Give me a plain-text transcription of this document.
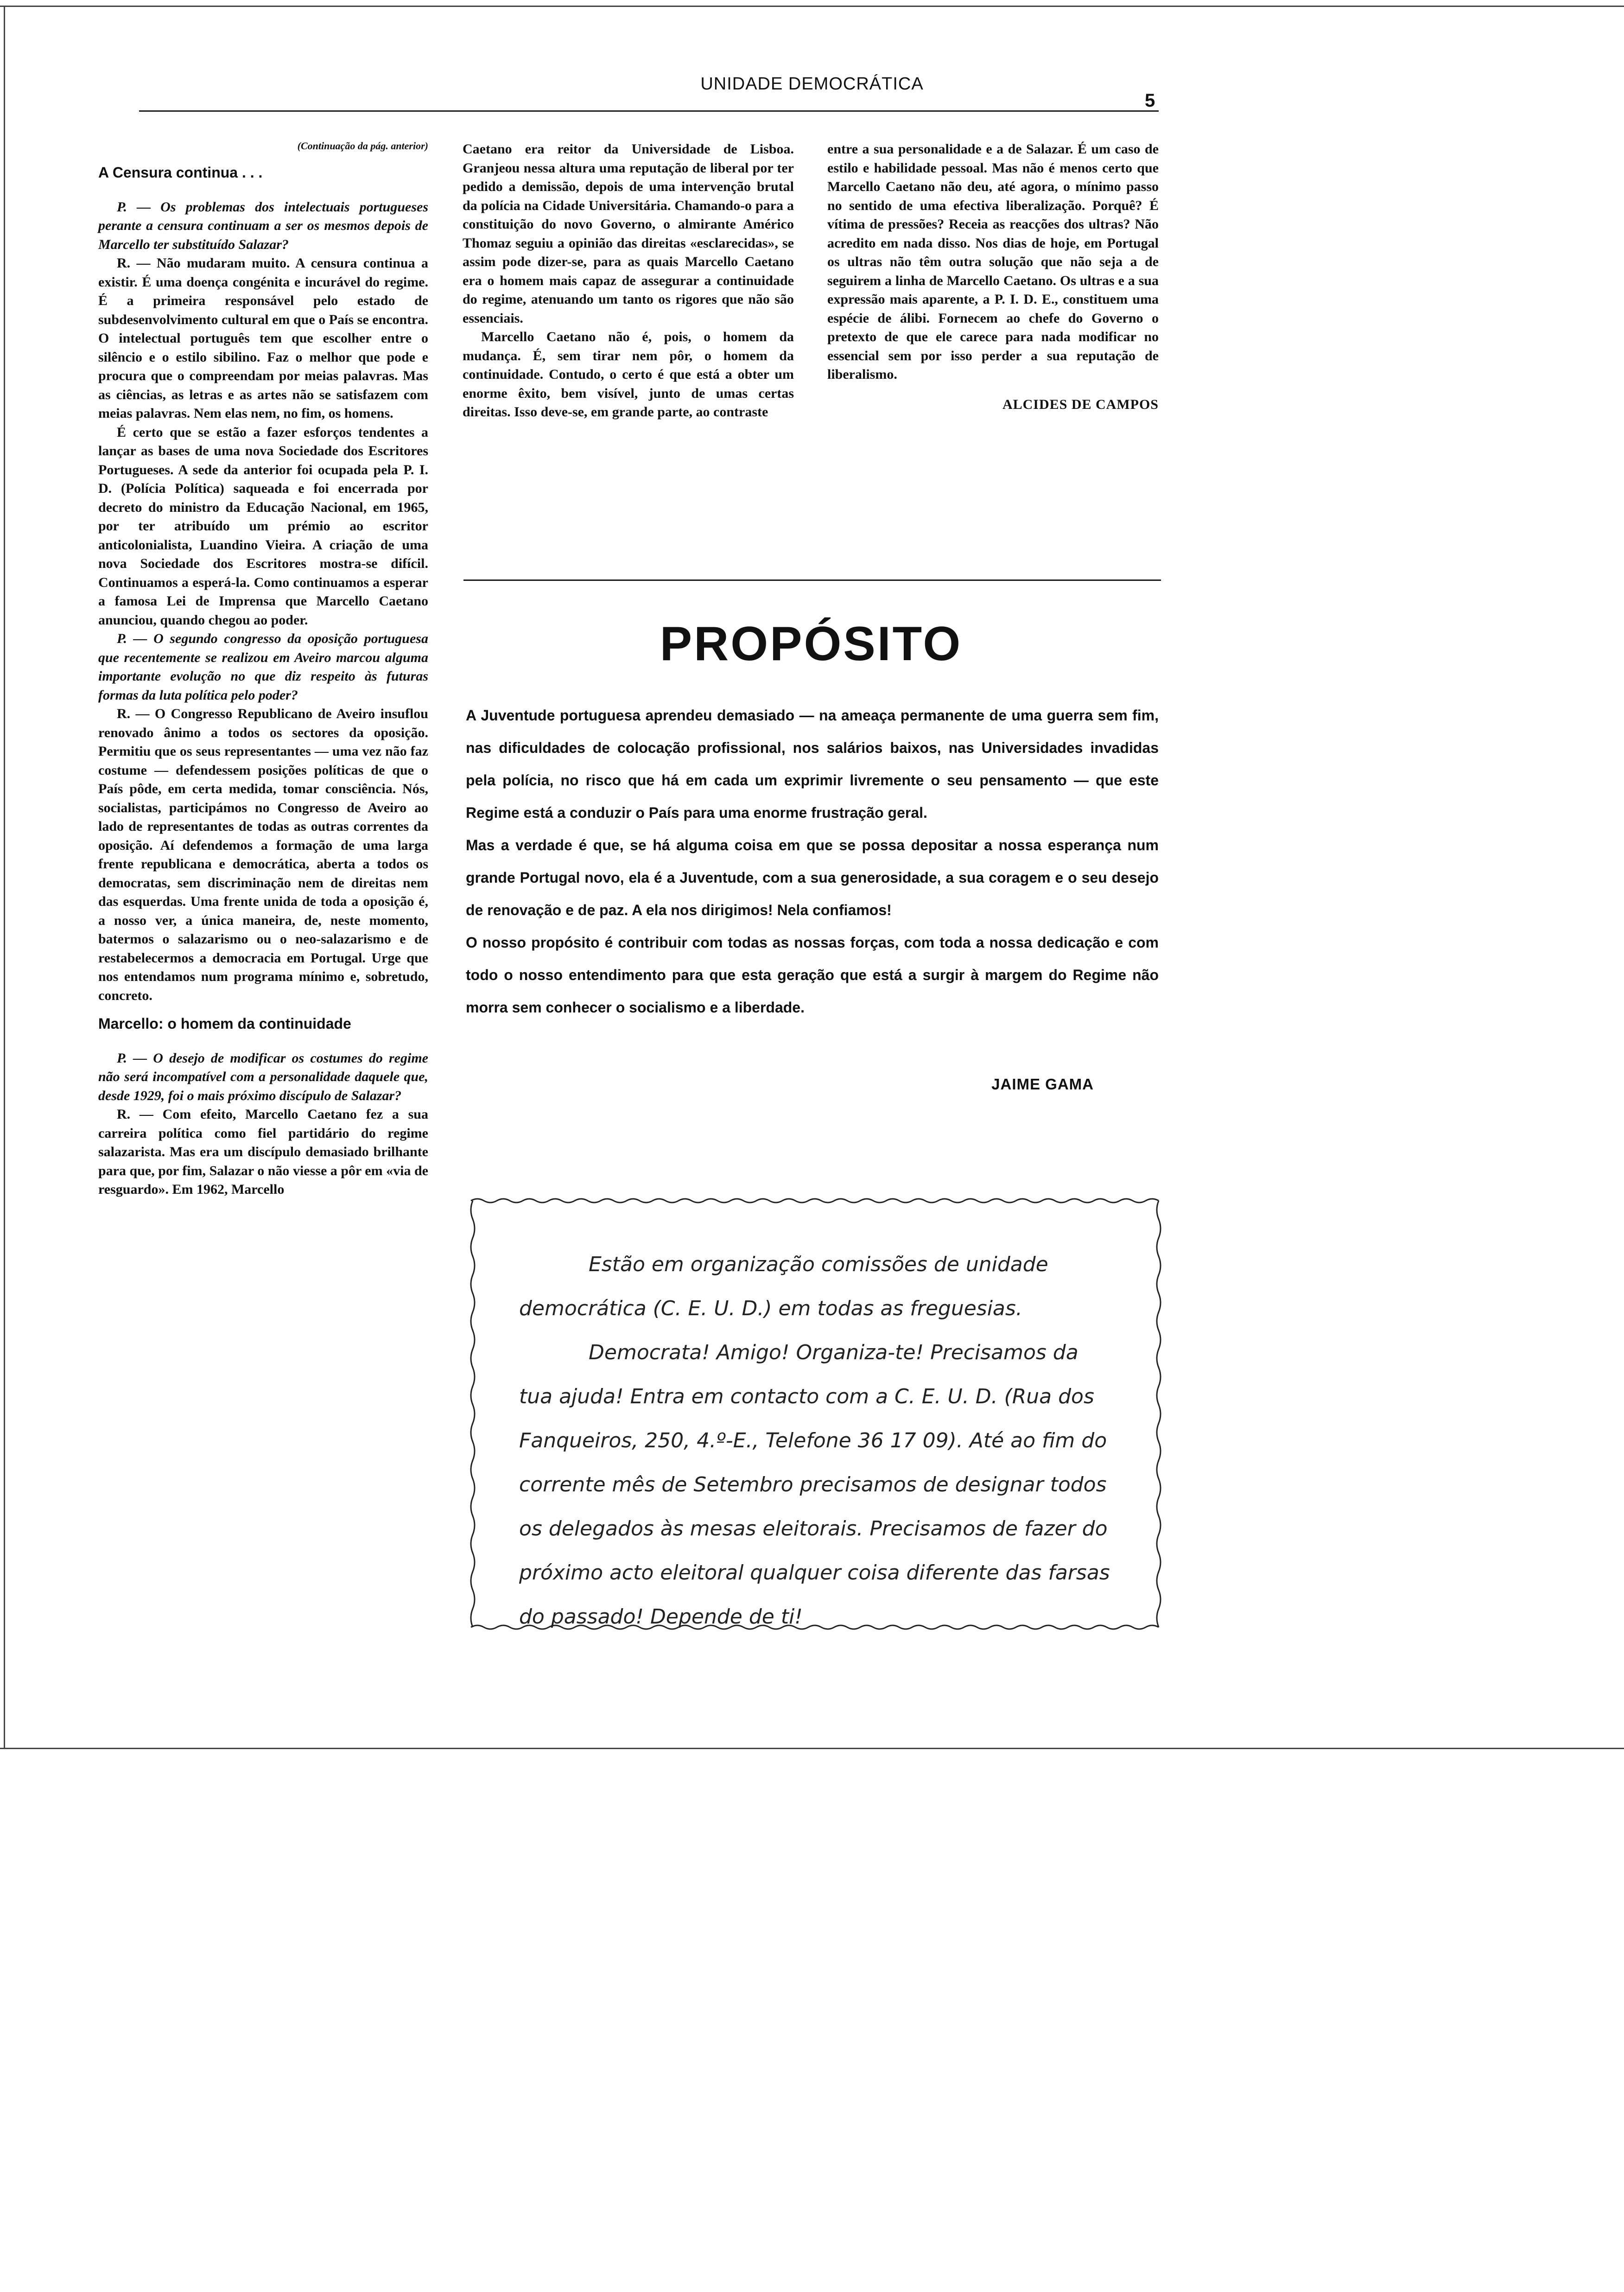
UNIDADE DEMOCRÁTICA
5
(Continuação da pág. anterior)

A Censura continua . . .

P. — Os problemas dos intelectuais portugueses perante a censura continuam a ser os mesmos depois de Marcello ter substituído Salazar?

R. — Não mudaram muito. A censura continua a existir. É uma doença congénita e incurável do regime. É a primeira responsável pelo estado de subdesenvolvimento cultural em que o País se encontra. O intelectual português tem que escolher entre o silêncio e o estilo sibilino. Faz o melhor que pode e procura que o compreendam por meias palavras. Mas as ciências, as letras e as artes não se satisfazem com meias palavras. Nem elas nem, no fim, os homens.

É certo que se estão a fazer esforços tendentes a lançar as bases de uma nova Sociedade dos Escritores Portugueses. A sede da anterior foi ocupada pela P. I. D. (Polícia Política) saqueada e foi encerrada por decreto do ministro da Educação Nacional, em 1965, por ter atribuído um prémio ao escritor anticolonialista, Luandino Vieira. A criação de uma nova Sociedade dos Escritores mostra-se difícil. Continuamos a esperá-la. Como continuamos a esperar a famosa Lei de Imprensa que Marcello Caetano anunciou, quando chegou ao poder.

P. — O segundo congresso da oposição portuguesa que recentemente se realizou em Aveiro marcou alguma importante evolução no que diz respeito às futuras formas da luta política pelo poder?

R. — O Congresso Republicano de Aveiro insuflou renovado ânimo a todos os sectores da oposição. Permitiu que os seus representantes — uma vez não faz costume — defendessem posições políticas de que o País pôde, em certa medida, tomar consciência. Nós, socialistas, participámos no Congresso de Aveiro ao lado de representantes de todas as outras correntes da oposição. Aí defendemos a formação de uma larga frente republicana e democrática, aberta a todos os democratas, sem discriminação nem de direitas nem das esquerdas. Uma frente unida de toda a oposição é, a nosso ver, a única maneira, de, neste momento, batermos o salazarismo ou o neo-salazarismo e de restabelecermos a democracia em Portugal. Urge que nos entendamos num programa mínimo e, sobretudo, concreto.

Marcello: o homem da continuidade

P. — O desejo de modificar os costumes do regime não será incompatível com a personalidade daquele que, desde 1929, foi o mais próximo discípulo de Salazar?

R. — Com efeito, Marcello Caetano fez a sua carreira política como fiel partidário do regime salazarista. Mas era um discípulo demasiado brilhante para que, por fim, Salazar o não viesse a pôr em «via de resguardo». Em 1962, Marcello

Caetano era reitor da Universidade de Lisboa. Granjeou nessa altura uma reputação de liberal por ter pedido a demissão, depois de uma intervenção brutal da polícia na Cidade Universitária. Chamando-o para a constituição do novo Governo, o almirante Américo Thomaz seguiu a opinião das direitas «esclarecidas», se assim pode dizer-se, para as quais Marcello Caetano era o homem mais capaz de assegurar a continuidade do regime, atenuando um tanto os rigores que não são essenciais.

Marcello Caetano não é, pois, o homem da mudança. É, sem tirar nem pôr, o homem da continuidade. Contudo, o certo é que está a obter um enorme êxito, bem visível, junto de umas certas direitas. Isso deve-se, em grande parte, ao contraste

entre a sua personalidade e a de Salazar. É um caso de estilo e habilidade pessoal. Mas não é menos certo que Marcello Caetano não deu, até agora, o mínimo passo no sentido de uma efectiva liberalização. Porquê? É vítima de pressões? Receia as reacções dos ultras? Não acredito em nada disso. Nos dias de hoje, em Portugal os ultras não têm outra solução que não seja a de seguirem a linha de Marcello Caetano. Os ultras e a sua expressão mais aparente, a P. I. D. E., constituem uma espécie de álibi. Fornecem ao chefe do Governo o pretexto de que ele carece para nada modificar no essencial sem por isso perder a sua reputação de liberalismo.

ALCIDES DE CAMPOS
PROPÓSITO

A Juventude portuguesa aprendeu demasiado — na ameaça permanente de uma guerra sem fim, nas dificuldades de colocação profissional, nos salários baixos, nas Universidades invadidas pela polícia, no risco que há em cada um exprimir livremente o seu pensamento — que este Regime está a conduzir o País para uma enorme frustração geral.

Mas a verdade é que, se há alguma coisa em que se possa depositar a nossa esperança num grande Portugal novo, ela é a Juventude, com a sua generosidade, a sua coragem e o seu desejo de renovação e de paz. A ela nos dirigimos! Nela confiamos!

O nosso propósito é contribuir com todas as nossas forças, com toda a nossa dedicação e com todo o nosso entendimento para que esta geração que está a surgir à margem do Regime não morra sem conhecer o socialismo e a liberdade.

JAIME GAMA

Estão em organização comissões de unidade democrática (C. E. U. D.) em todas as freguesias.

Democrata! Amigo! Organiza-te! Precisamos da tua ajuda! Entra em contacto com a C. E. U. D. (Rua dos Fanqueiros, 250, 4.º-E., Telefone 36 17 09). Até ao fim do corrente mês de Setembro precisamos de designar todos os delegados às mesas eleitorais. Precisamos de fazer do próximo acto eleitoral qualquer coisa diferente das farsas do passado! Depende de ti!
